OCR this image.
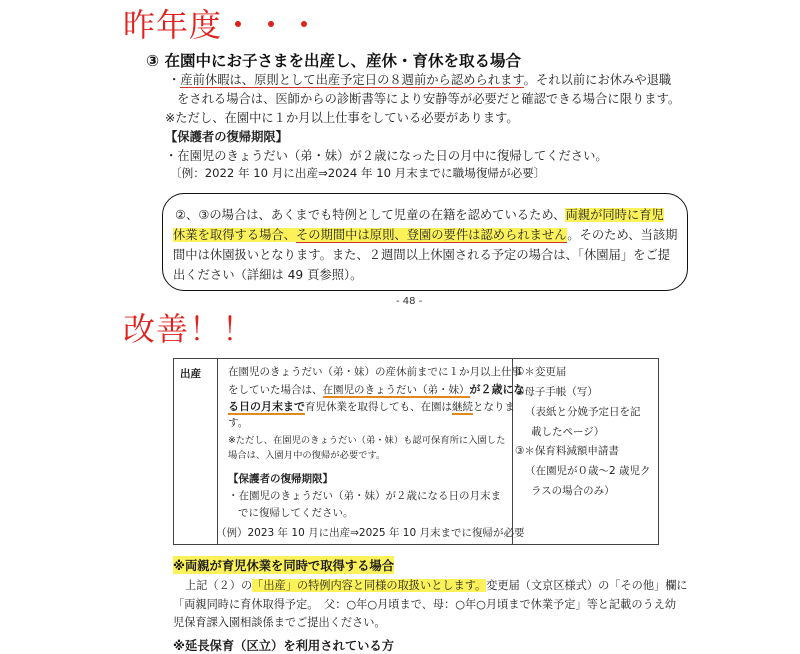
昨年度・・・
③ 在園中にお子さまを出産し、産休・育休を取る場合
・産前休暇は、原則として出産予定日の８週前から認められます。それ以前にお休みや退職
をされる場合は、医師からの診断書等により安静等が必要だと確認できる場合に限ります。
※ただし、在園中に１か月以上仕事をしている必要があります。
【保護者の復帰期限】
・在園児のきょうだい（弟・妹）が２歳になった日の月中に復帰してください。
〔例：2022 年 10 月に出産⇒2024 年 10 月末までに職場復帰が必要〕
②、③の場合は、あくまでも特例として児童の在籍を認めているため、両親が同時に育児
休業を取得する場合、その期間中は原則、登園の要件は認められません。そのため、当該期
間中は休園扱いとなります。また、２週間以上休園される予定の場合は、「休園届」をご提
出ください（詳細は 49 頁参照）。
- 48 -
改善！！
出産	在園児のきょうだい（弟・妹）の産休前までに１か月以上仕事
をしていた場合は、在園児のきょうだい（弟・妹）が２歳にな
る日の月末まで育児休業を取得しても、在園は継続となりま
す。
※ただし、在園児のきょうだい（弟・妹）も認可保育所に入園した
場合は、入園月中の復帰が必要です。
【保護者の復帰期限】
・在園児のきょうだい（弟・妹）が２歳になる日の月末ま
でに復帰してください。
（例）2023 年 10 月に出産⇒2025 年 10 月末までに復帰が必要
①＊変更届
②母子手帳（写）
（表紙と分娩予定日を記
載したページ）
③＊保育料減額申請書
（在園児が０歳～2 歳児ク
ラスの場合のみ）
※両親が育児休業を同時で取得する場合
上記（２）の「出産」の特例内容と同様の取扱いとします。変更届（文京区様式）の「その他」欄に
「両親同時に育休取得予定。　父：○年○月頃まで、母：○年○月頃まで休業予定」等と記載のうえ幼
児保育課入園相談係までご提出ください。
※延長保育（区立）を利用されている方
